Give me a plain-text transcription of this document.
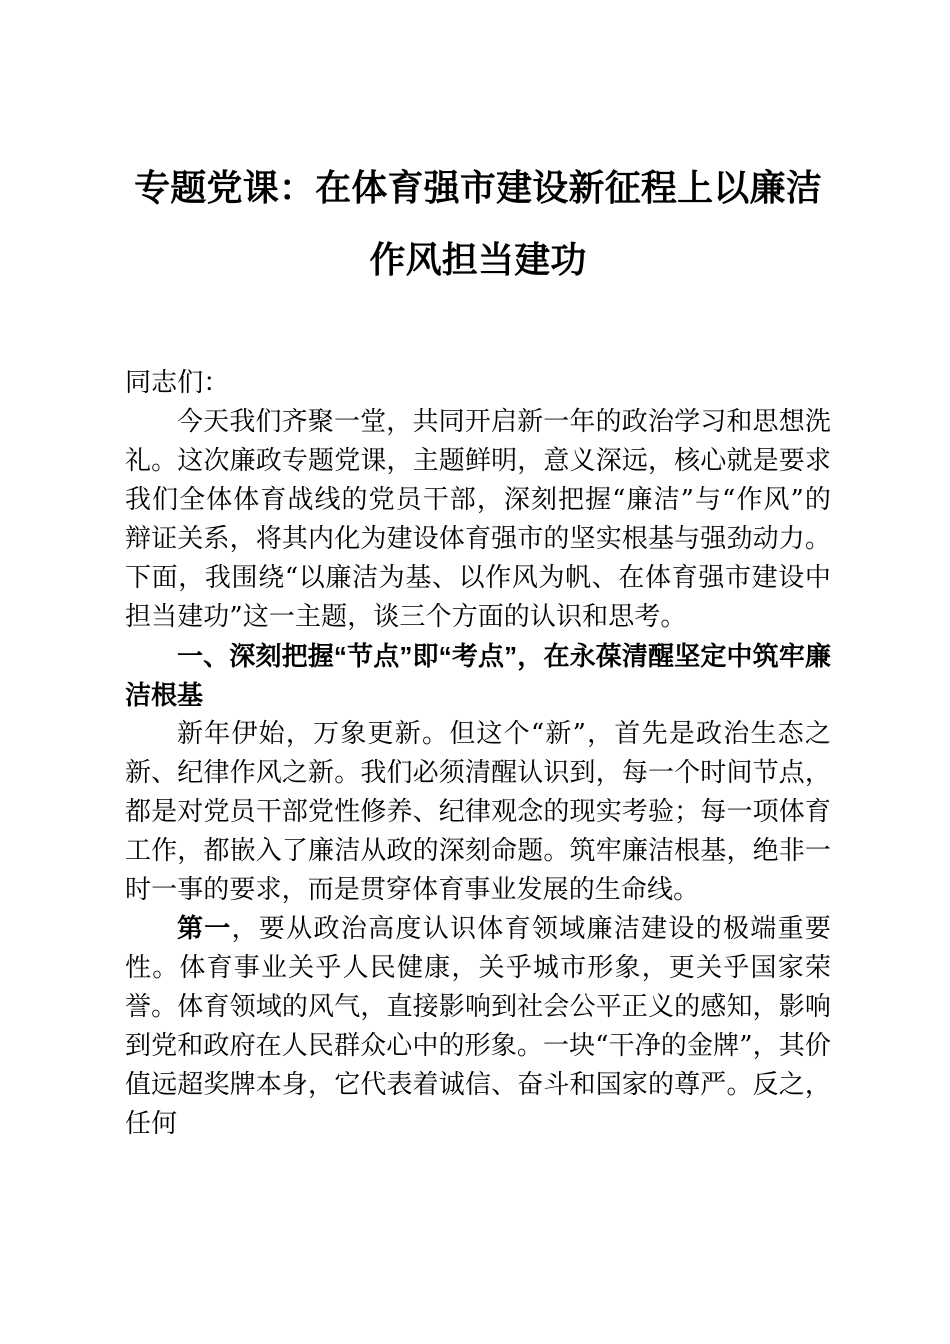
专题党课：在体育强市建设新征程上以廉洁作风担当建功

同志们：

今天我们齐聚一堂，共同开启新一年的政治学习和思想洗礼。这次廉政专题党课，主题鲜明，意义深远，核心就是要求我们全体体育战线的党员干部，深刻把握“廉洁”与“作风”的辩证关系，将其内化为建设体育强市的坚实根基与强劲动力。下面，我围绕“以廉洁为基、以作风为帆、在体育强市建设中担当建功”这一主题，谈三个方面的认识和思考。

一、深刻把握“节点”即“考点”，在永葆清醒坚定中筑牢廉洁根基

新年伊始，万象更新。但这个“新”，首先是政治生态之新、纪律作风之新。我们必须清醒认识到，每一个时间节点，都是对党员干部党性修养、纪律观念的现实考验；每一项体育工作，都嵌入了廉洁从政的深刻命题。筑牢廉洁根基，绝非一时一事的要求，而是贯穿体育事业发展的生命线。

第一，要从政治高度认识体育领域廉洁建设的极端重要性。体育事业关乎人民健康，关乎城市形象，更关乎国家荣誉。体育领域的风气，直接影响到社会公平正义的感知，影响到党和政府在人民群众心中的形象。一块“干净的金牌”，其价值远超奖牌本身，它代表着诚信、奋斗和国家的尊严。反之，任何
